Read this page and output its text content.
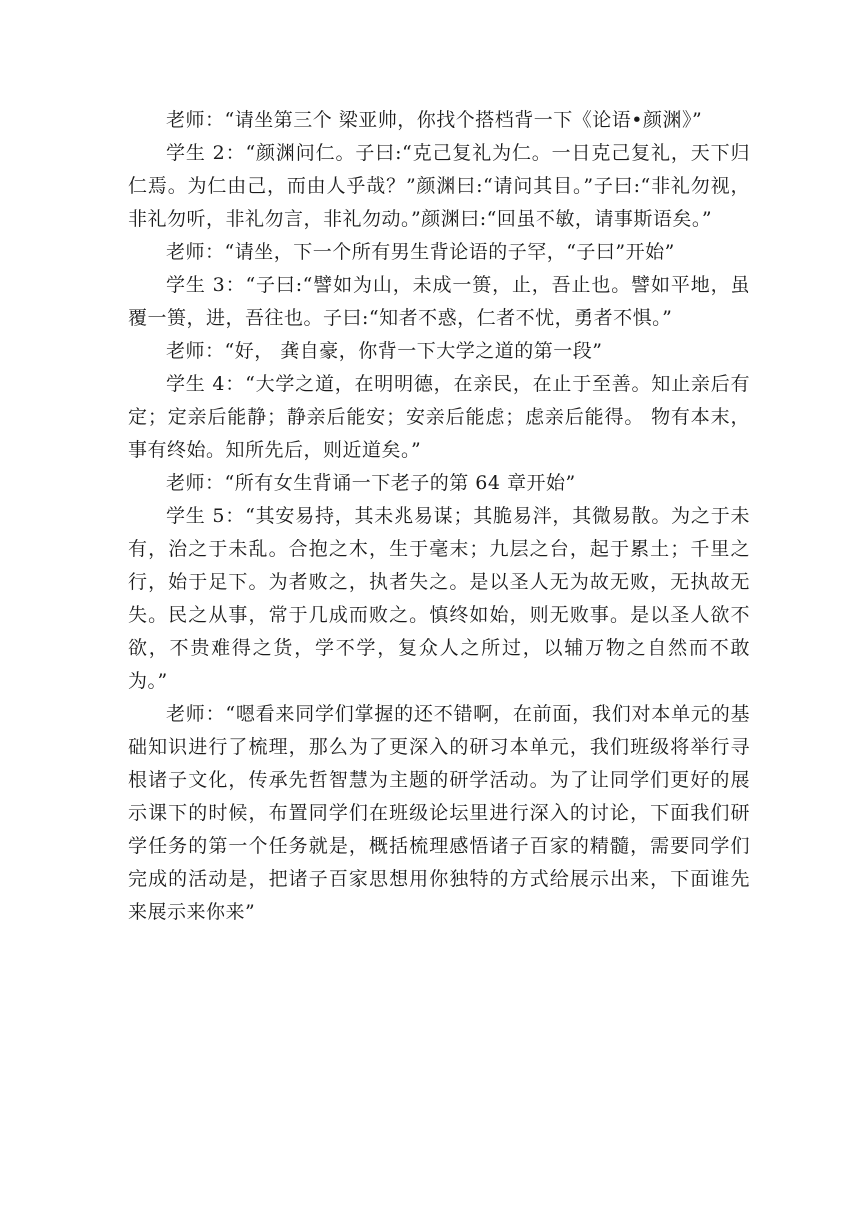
老师：“请坐第三个 梁亚帅，你找个搭档背一下《论语•颜渊》”

学生 2：“颜渊问仁。子曰:“克己复礼为仁。一日克己复礼，天下归仁焉。为仁由己，而由人乎哉？”颜渊曰:“请问其目。”子曰:“非礼勿视，非礼勿听，非礼勿言，非礼勿动。”颜渊曰:“回虽不敏，请事斯语矣。”

老师：“请坐，下一个所有男生背论语的子罕，“子曰”开始”

学生 3：“子曰:“譬如为山，未成一篑，止，吾止也。譬如平地，虽覆一篑，进，吾往也。子曰:“知者不惑，仁者不忧，勇者不惧。”

老师：“好， 龚自豪，你背一下大学之道的第一段”

学生 4：“大学之道，在明明德，在亲民，在止于至善。知止亲后有定；定亲后能静；静亲后能安；安亲后能虑；虑亲后能得。 物有本末，事有终始。知所先后，则近道矣。”

老师：“所有女生背诵一下老子的第 64 章开始”

学生 5：“其安易持，其未兆易谋；其脆易泮，其微易散。为之于未有，治之于未乱。合抱之木，生于毫末；九层之台，起于累土；千里之行，始于足下。为者败之，执者失之。是以圣人无为故无败，无执故无失。民之从事，常于几成而败之。慎终如始，则无败事。是以圣人欲不欲，不贵难得之货，学不学，复众人之所过，以辅万物之自然而不敢为。”

老师：“嗯看来同学们掌握的还不错啊，在前面，我们对本单元的基础知识进行了梳理，那么为了更深入的研习本单元，我们班级将举行寻根诸子文化，传承先哲智慧为主题的研学活动。为了让同学们更好的展示课下的时候，布置同学们在班级论坛里进行深入的讨论，下面我们研学任务的第一个任务就是，概括梳理感悟诸子百家的精髓，需要同学们完成的活动是，把诸子百家思想用你独特的方式给展示出来，下面谁先来展示来你来”
